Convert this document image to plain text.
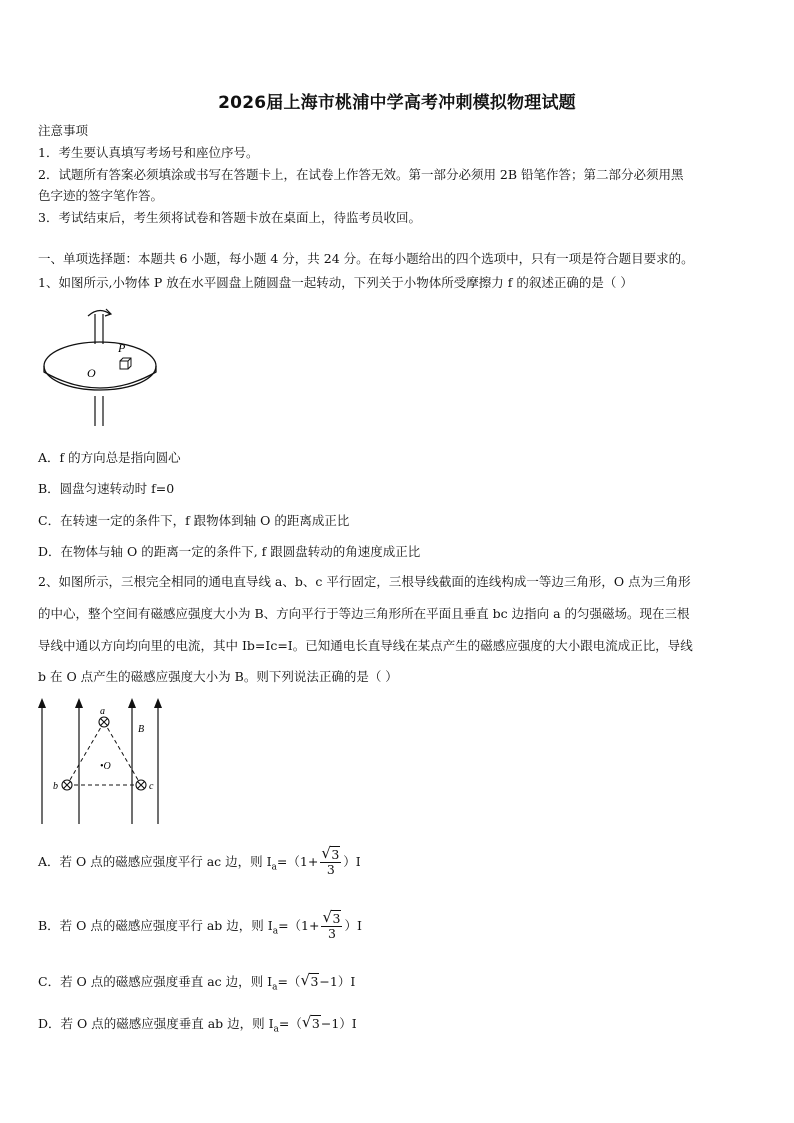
2026届上海市桃浦中学高考冲刺模拟物理试题
注意事项
1．考生要认真填写考场号和座位序号。
2．试题所有答案必须填涂或书写在答题卡上，在试卷上作答无效。第一部分必须用 2B 铅笔作答；第二部分必须用黑
色字迹的签字笔作答。
3．考试结束后，考生须将试卷和答题卡放在桌面上，待监考员收回。
一、单项选择题：本题共 6 小题，每小题 4 分，共 24 分。在每小题给出的四个选项中，只有一项是符合题目要求的。
1、如图所示,小物体 P 放在水平圆盘上随圆盘一起转动，下列关于小物体所受摩擦力 f 的叙述正确的是（ ）
P
O
A．f 的方向总是指向圆心
B．圆盘匀速转动时 f=0
C．在转速一定的条件下，f 跟物体到轴 O 的距离成正比
D．在物体与轴 O 的距离一定的条件下, f 跟圆盘转动的角速度成正比
2、如图所示，三根完全相同的通电直导线 a、b、c 平行固定，三根导线截面的连线构成一等边三角形，O 点为三角形
的中心，整个空间有磁感应强度大小为 B、方向平行于等边三角形所在平面且垂直 bc 边指向 a 的匀强磁场。现在三根
导线中通以方向均向里的电流，其中 Ib=Ic=I。已知通电长直导线在某点产生的磁感应强度的大小跟电流成正比，导线
b 在 O 点产生的磁感应强度大小为 B。则下列说法正确的是（ ）
a
b	c
•O
B
A．若 O 点的磁感应强度平行 ac 边，则 $I_a=(1+ \frac{√ 3}{3} )I$
B．若 O 点的磁感应强度平行 ab 边，则 $I_a=(1+ \frac{√ 3}{3} )I$
C．若 O 点的磁感应强度垂直 ac 边，则 $I_a=$（ √ 3−1）I
D．若 O 点的磁感应强度垂直 ab 边，则 $I_a=$（ √ 3−1）I
